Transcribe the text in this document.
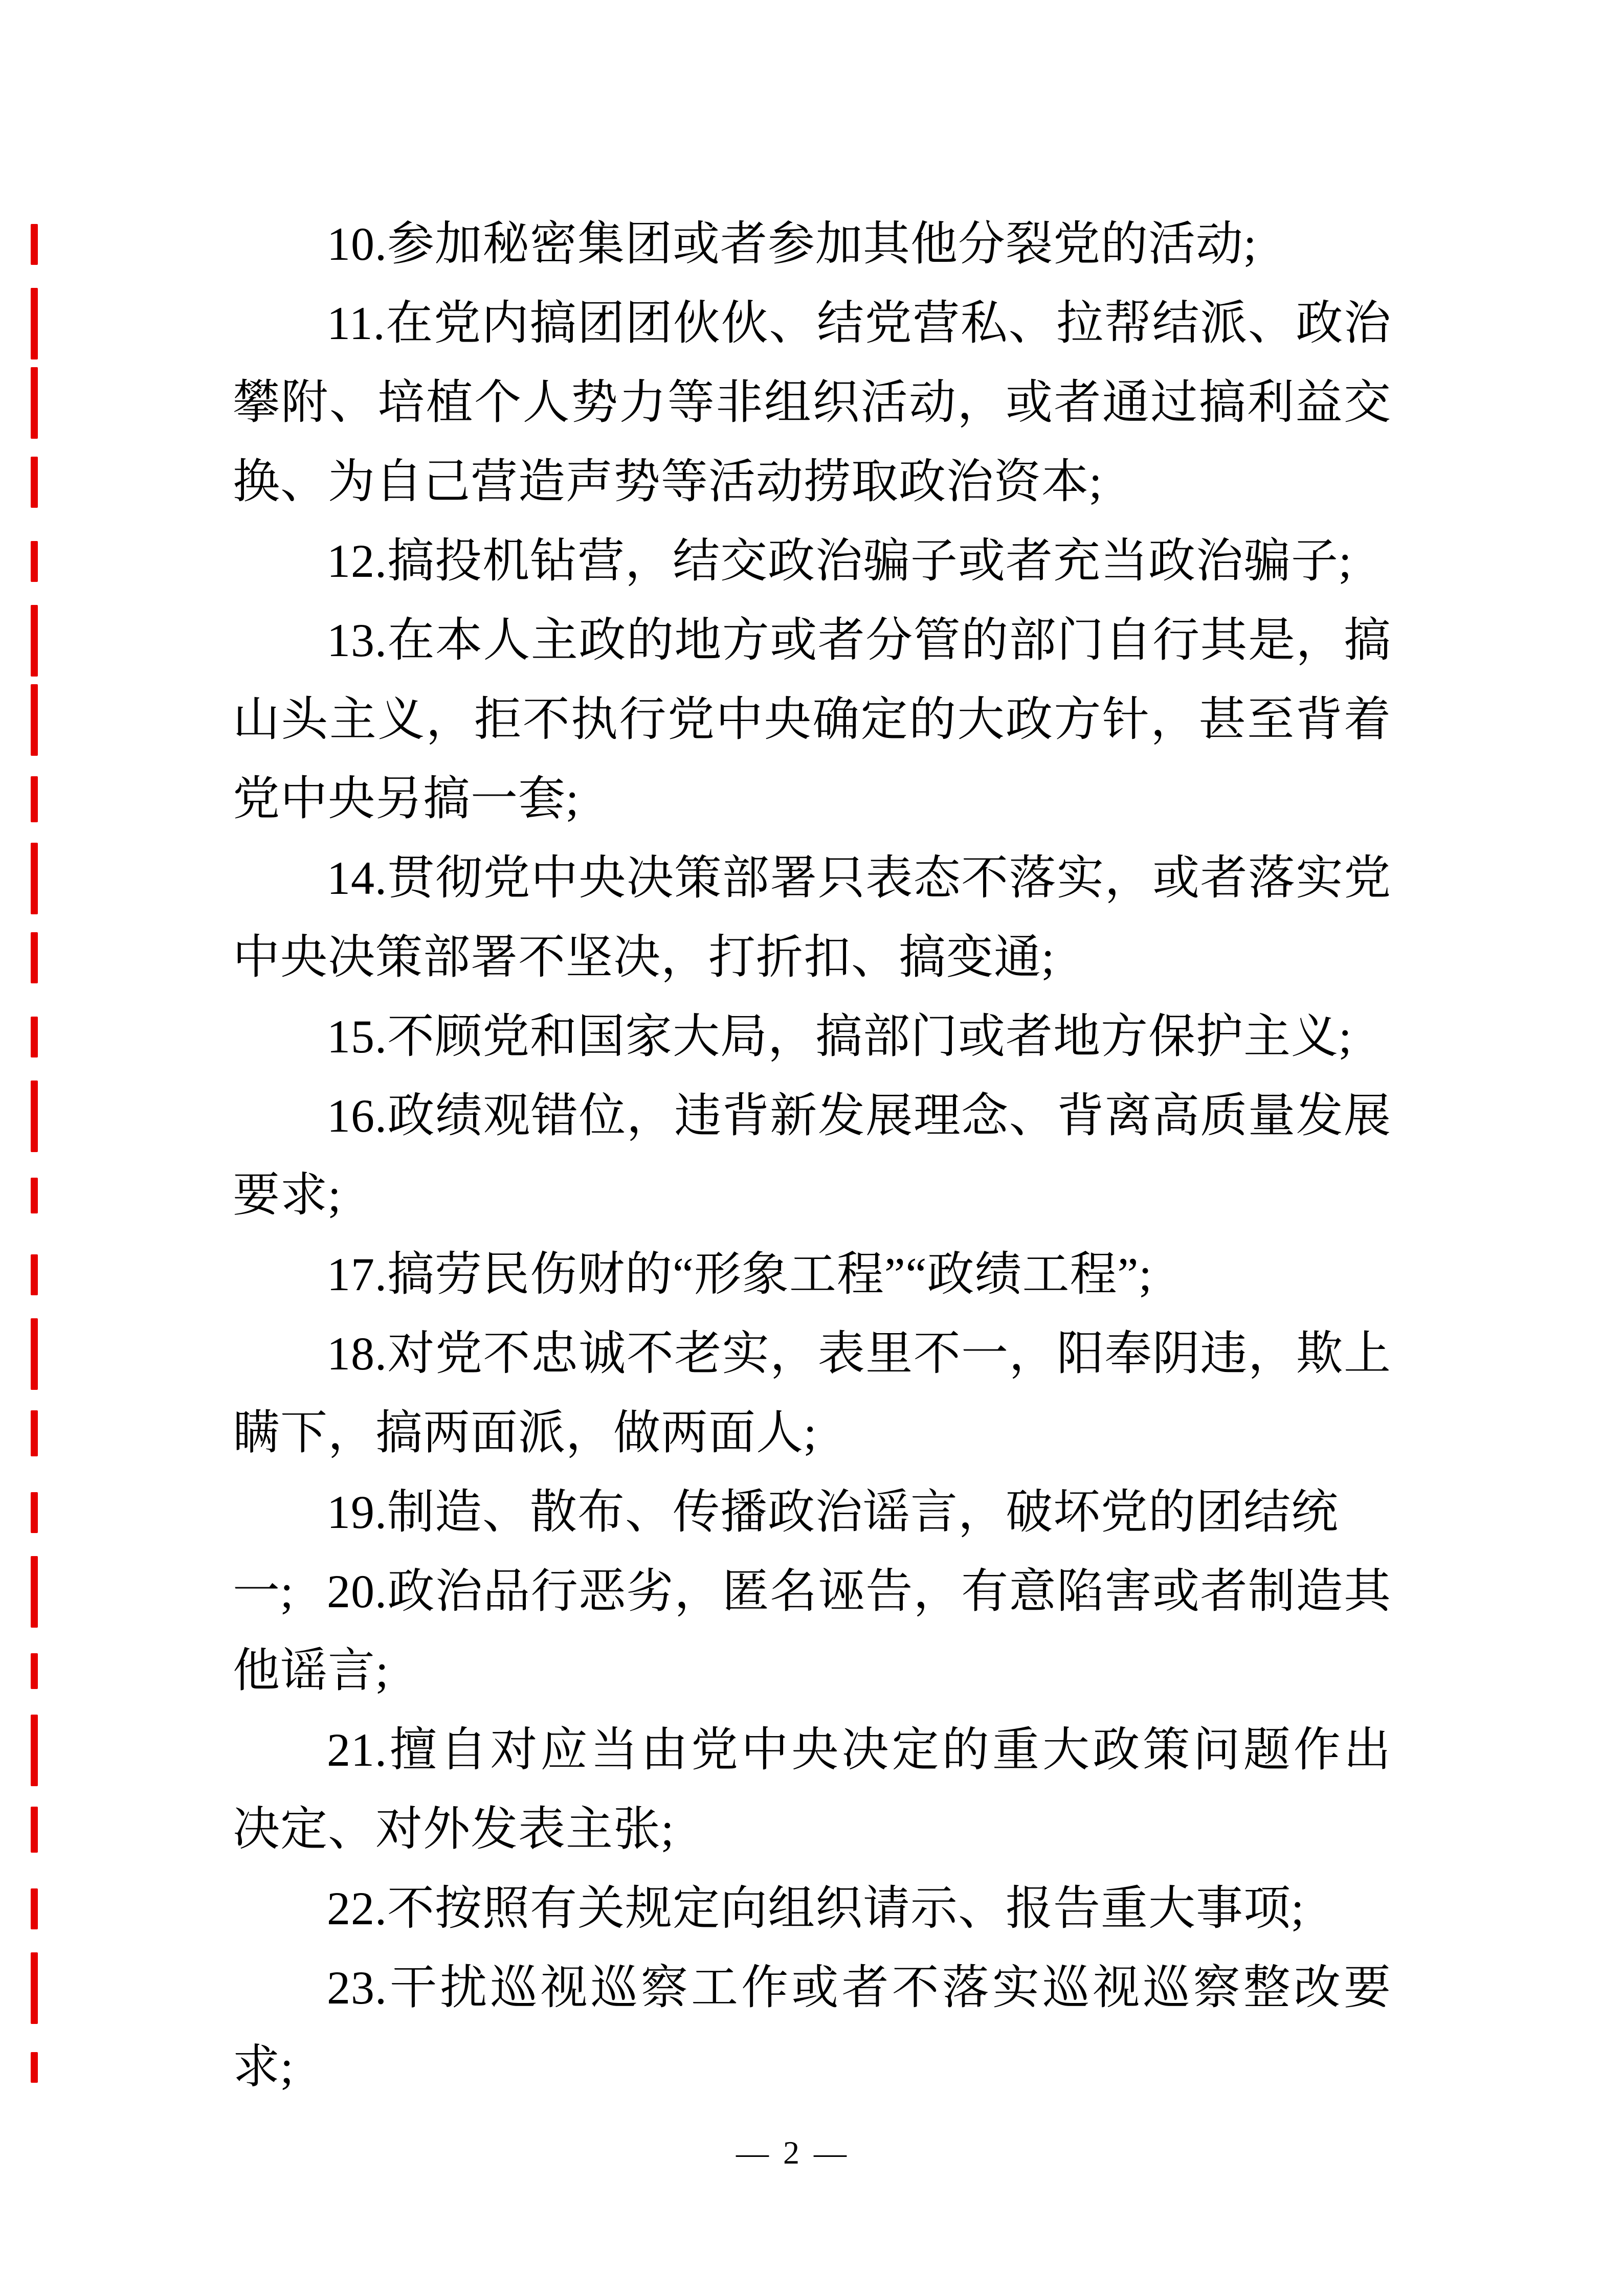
10.参加秘密集团或者参加其他分裂党的活动;
11.在党内搞团团伙伙、结党营私、拉帮结派、政治
攀附、培植个人势力等非组织活动，或者通过搞利益交
换、为自己营造声势等活动捞取政治资本;
12.搞投机钻营，结交政治骗子或者充当政治骗子;
13.在本人主政的地方或者分管的部门自行其是，搞
山头主义，拒不执行党中央确定的大政方针，甚至背着
党中央另搞一套;
14.贯彻党中央决策部署只表态不落实，或者落实党
中央决策部署不坚决，打折扣、搞变通;
15.不顾党和国家大局，搞部门或者地方保护主义;
16.政绩观错位，违背新发展理念、背离高质量发展
要求;
17.搞劳民伤财的“形象工程”“政绩工程”;
18.对党不忠诚不老实，表里不一，阳奉阴违，欺上
瞒下，搞两面派，做两面人;
19.制造、散布、传播政治谣言，破坏党的团结统一; 20.政治品行恶劣，匿名诬告，有意陷害或者制造其
他谣言;
21.擅自对应当由党中央决定的重大政策问题作出
决定、对外发表主张;
22.不按照有关规定向组织请示、报告重大事项;
23.干扰巡视巡察工作或者不落实巡视巡察整改要
求;
— 2 —
